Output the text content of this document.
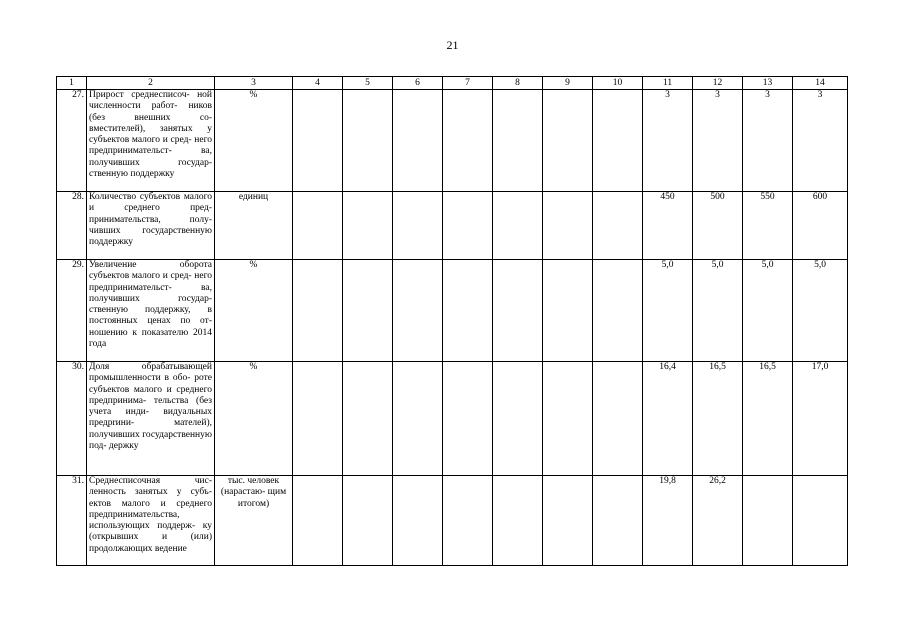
21
1	2	3	4	5	6	7	8	9	10	11	12	13	14
27.	Прирост среднесписоч- ной численности работ- ников (без внешних со- вместителей), занятых у субъектов малого и сред- него предпринимательст- ва, получивших государ- ственную поддержку	%								3	3	3	3
28.	Количество субъектов малого и среднего пред- принимательства, полу- чивших государственную поддержку	единиц								450	500	550	600
29.	Увеличение оборота субъектов малого и сред- него предпринимательст- ва, получивших государ- ственную поддержку, в постоянных ценах по от- ношению к показателю 2014 года	%								5,0	5,0	5,0	5,0
30.	Доля обрабатывающей промышленности в обо- роте субъектов малого и среднего предпринима- тельства (без учета инди- видуальных предprини- мателей), получивших государственную под- держку	%								16,4	16,5	16,5	17,0
31.	Среднесписочная чис- ленность занятых у субъ- ектов малого и среднего предпринимательства, использующих поддерж- ку (открывших и (или) продолжающих ведение	тыс. человек (нарастаю- щим итогом)								19,8	26,2		
